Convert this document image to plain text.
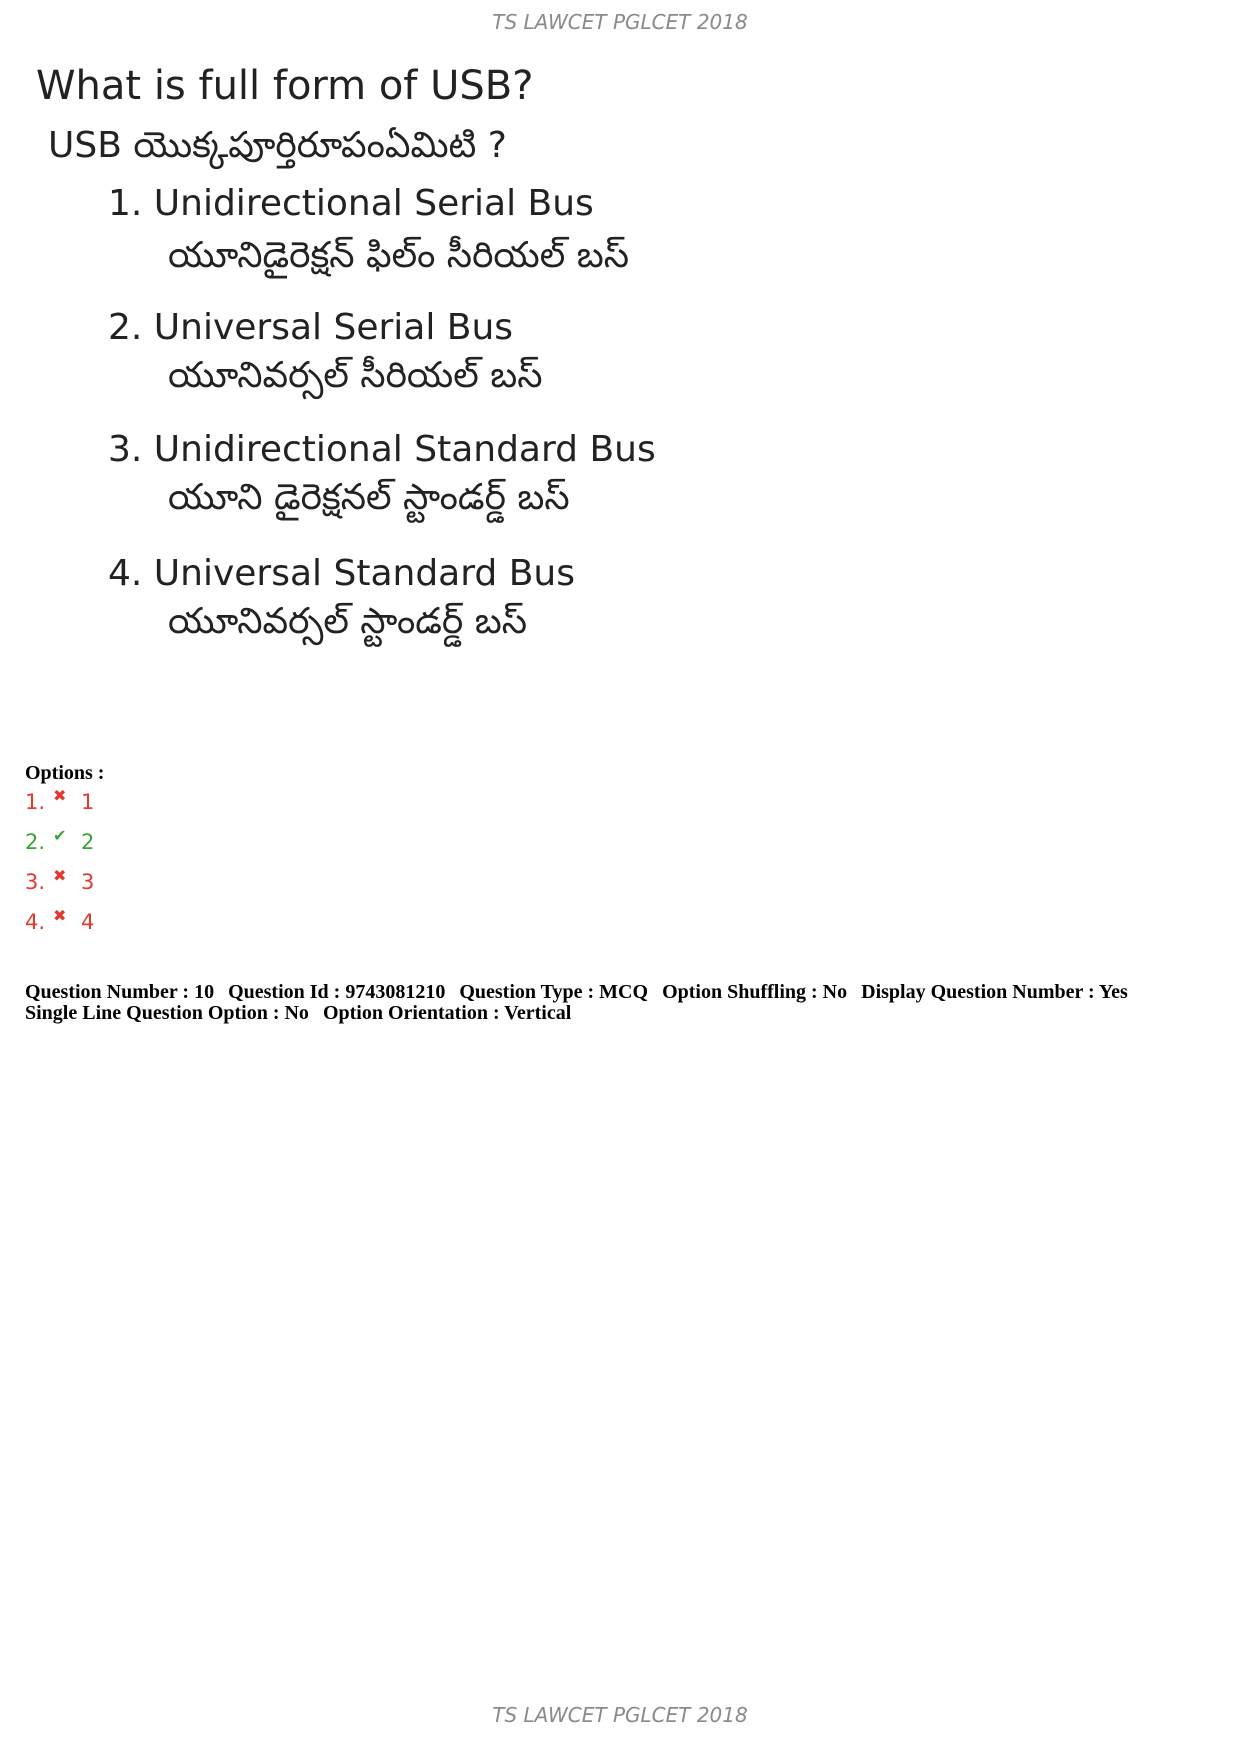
TS LAWCET PGLCET 2018
What is full form of USB?
USB యొక్కపూర్తిరూపంఏమిటి ?
1. Unidirectional Serial Bus
యూనిడైరెక్షన్ ఫిల్ం సీరియల్ బస్
2. Universal Serial Bus
యూనివర్సల్ సీరియల్ బస్
3. Unidirectional Standard Bus
యూని డైరెక్షనల్ స్టాండర్డ్ బస్
4. Universal Standard Bus
యూనివర్సల్ స్టాండర్డ్ బస్
Options :
1. ✖ 1
2. ✔ 2
3. ✖ 3
4. ✖ 4
Question Number : 10 Question Id : 9743081210 Question Type : MCQ Option Shuffling : No Display Question Number : Yes
Single Line Question Option : No Option Orientation : Vertical
TS LAWCET PGLCET 2018
